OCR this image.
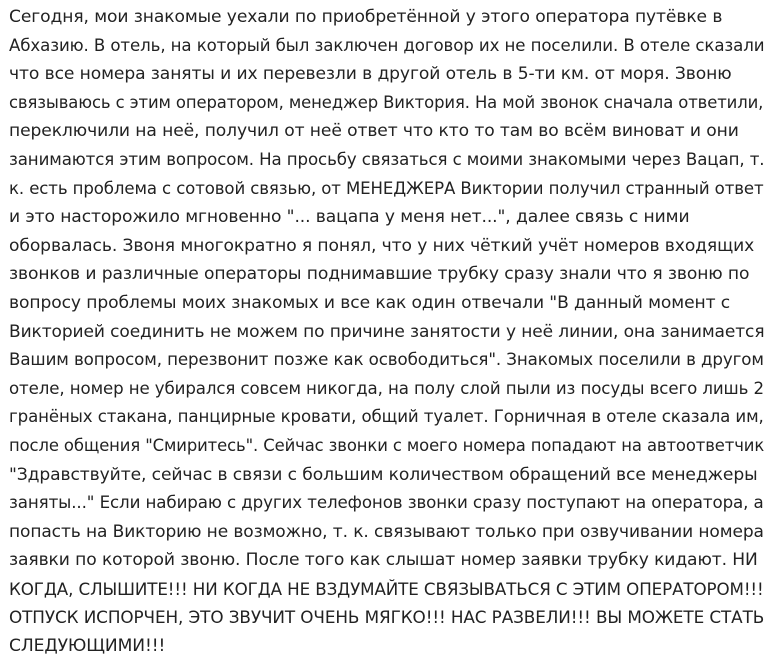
Сегодня, мои знакомые уехали по приобретённой у этого оператора путёвке в
Абхазию. В отель, на который был заключен договор их не поселили. В отеле сказали
что все номера заняты и их перевезли в другой отель в 5-ти км. от моря. Звоню
связываюсь с этим оператором, менеджер Виктория. На мой звонок сначала ответили,
переключили на неё, получил от неё ответ что кто то там во всём виноват и они
занимаются этим вопросом. На просьбу связаться с моими знакомыми через Вацап, т.
к. есть проблема с сотовой связью, от МЕНЕДЖЕРА Виктории получил странный ответ
и это насторожило мгновенно "... вацапа у меня нет...", далее связь с ними
оборвалась. Звоня многократно я понял, что у них чёткий учёт номеров входящих
звонков и различные операторы поднимавшие трубку сразу знали что я звоню по
вопросу проблемы моих знакомых и все как один отвечали "В данный момент с
Викторией соединить не можем по причине занятости у неё линии, она занимается
Вашим вопросом, перезвонит позже как освободиться". Знакомых поселили в другом
отеле, номер не убирался совсем никогда, на полу слой пыли из посуды всего лишь 2
гранёных стакана, панцирные кровати, общий туалет. Горничная в отеле сказала им,
после общения "Смиритесь". Сейчас звонки с моего номера попадают на автоответчик
"Здравствуйте, сейчас в связи с большим количеством обращений все менеджеры
заняты..." Если набираю с других телефонов звонки сразу поступают на оператора, а
попасть на Викторию не возможно, т. к. связывают только при озвучивании номера
заявки по которой звоню. После того как слышат номер заявки трубку кидают. НИ
КОГДА, СЛЫШИТЕ!!! НИ КОГДА НЕ ВЗДУМАЙТЕ СВЯЗЫВАТЬСЯ С ЭТИМ ОПЕРАТОРОМ!!!
ОТПУСК ИСПОРЧЕН, ЭТО ЗВУЧИТ ОЧЕНЬ МЯГКО!!! НАС РАЗВЕЛИ!!! ВЫ МОЖЕТЕ СТАТЬ
СЛЕДУЮЩИМИ!!!
